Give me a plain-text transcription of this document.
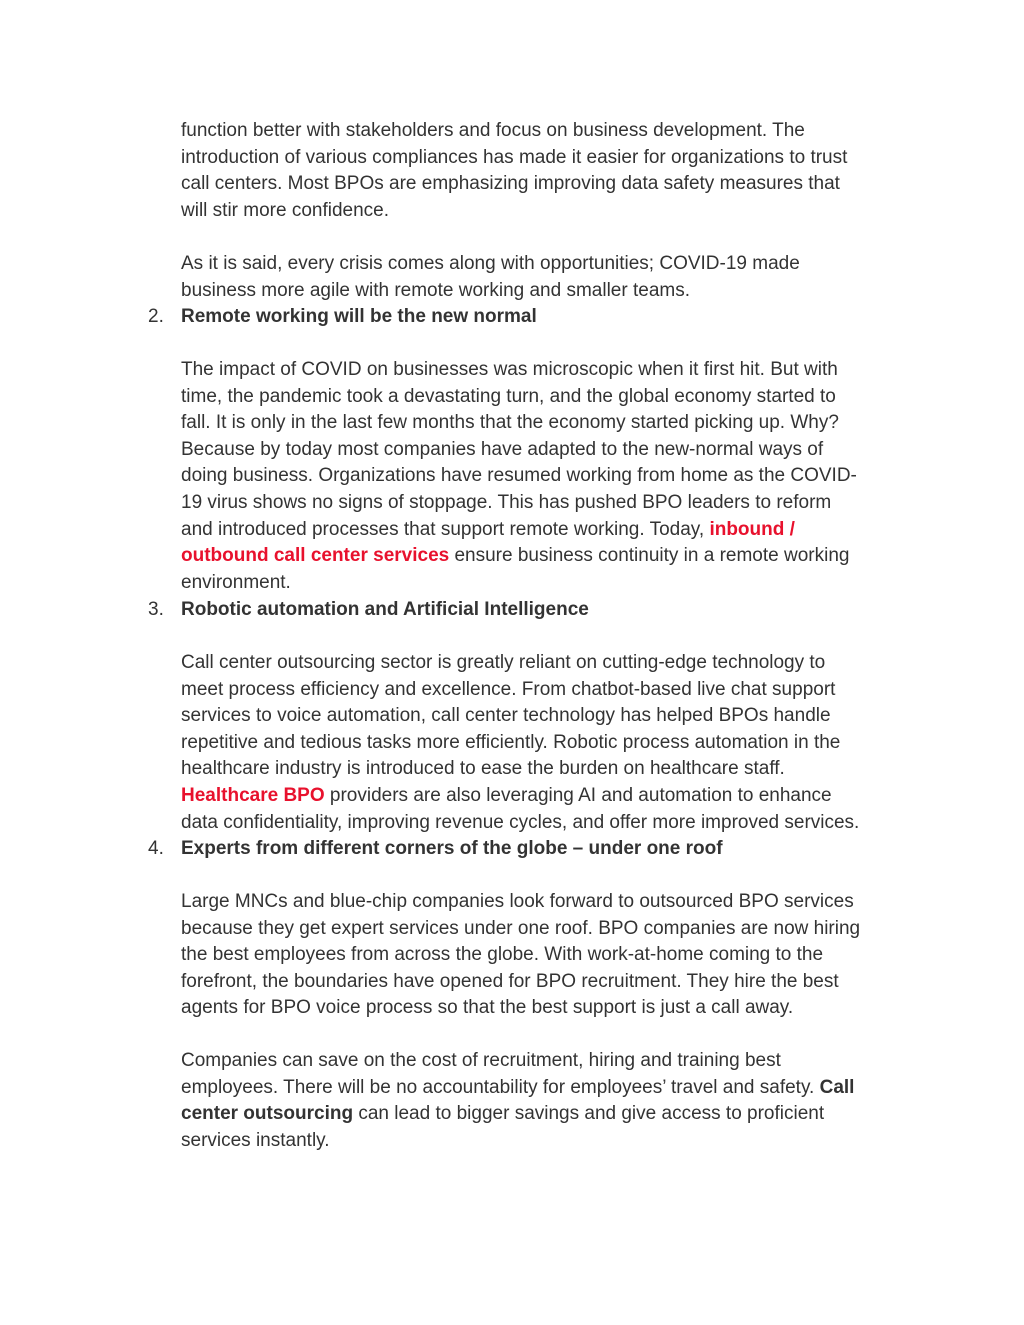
function better with stakeholders and focus on business development. The
introduction of various compliances has made it easier for organizations to trust
call centers. Most BPOs are emphasizing improving data safety measures that
will stir more confidence.

As it is said, every crisis comes along with opportunities; COVID-19 made
business more agile with remote working and smaller teams.

2. Remote working will be the new normal

The impact of COVID on businesses was microscopic when it first hit. But with
time, the pandemic took a devastating turn, and the global economy started to
fall. It is only in the last few months that the economy started picking up. Why?
Because by today most companies have adapted to the new-normal ways of
doing business. Organizations have resumed working from home as the COVID-
19 virus shows no signs of stoppage. This has pushed BPO leaders to reform
and introduced processes that support remote working. Today, inbound /
outbound call center services ensure business continuity in a remote working
environment.

3. Robotic automation and Artificial Intelligence

Call center outsourcing sector is greatly reliant on cutting-edge technology to
meet process efficiency and excellence. From chatbot-based live chat support
services to voice automation, call center technology has helped BPOs handle
repetitive and tedious tasks more efficiently. Robotic process automation in the
healthcare industry is introduced to ease the burden on healthcare staff.
Healthcare BPO providers are also leveraging AI and automation to enhance
data confidentiality, improving revenue cycles, and offer more improved services.

4. Experts from different corners of the globe – under one roof

Large MNCs and blue-chip companies look forward to outsourced BPO services
because they get expert services under one roof. BPO companies are now hiring
the best employees from across the globe. With work-at-home coming to the
forefront, the boundaries have opened for BPO recruitment. They hire the best
agents for BPO voice process so that the best support is just a call away.

Companies can save on the cost of recruitment, hiring and training best
employees. There will be no accountability for employees’ travel and safety. Call
center outsourcing can lead to bigger savings and give access to proficient
services instantly.
